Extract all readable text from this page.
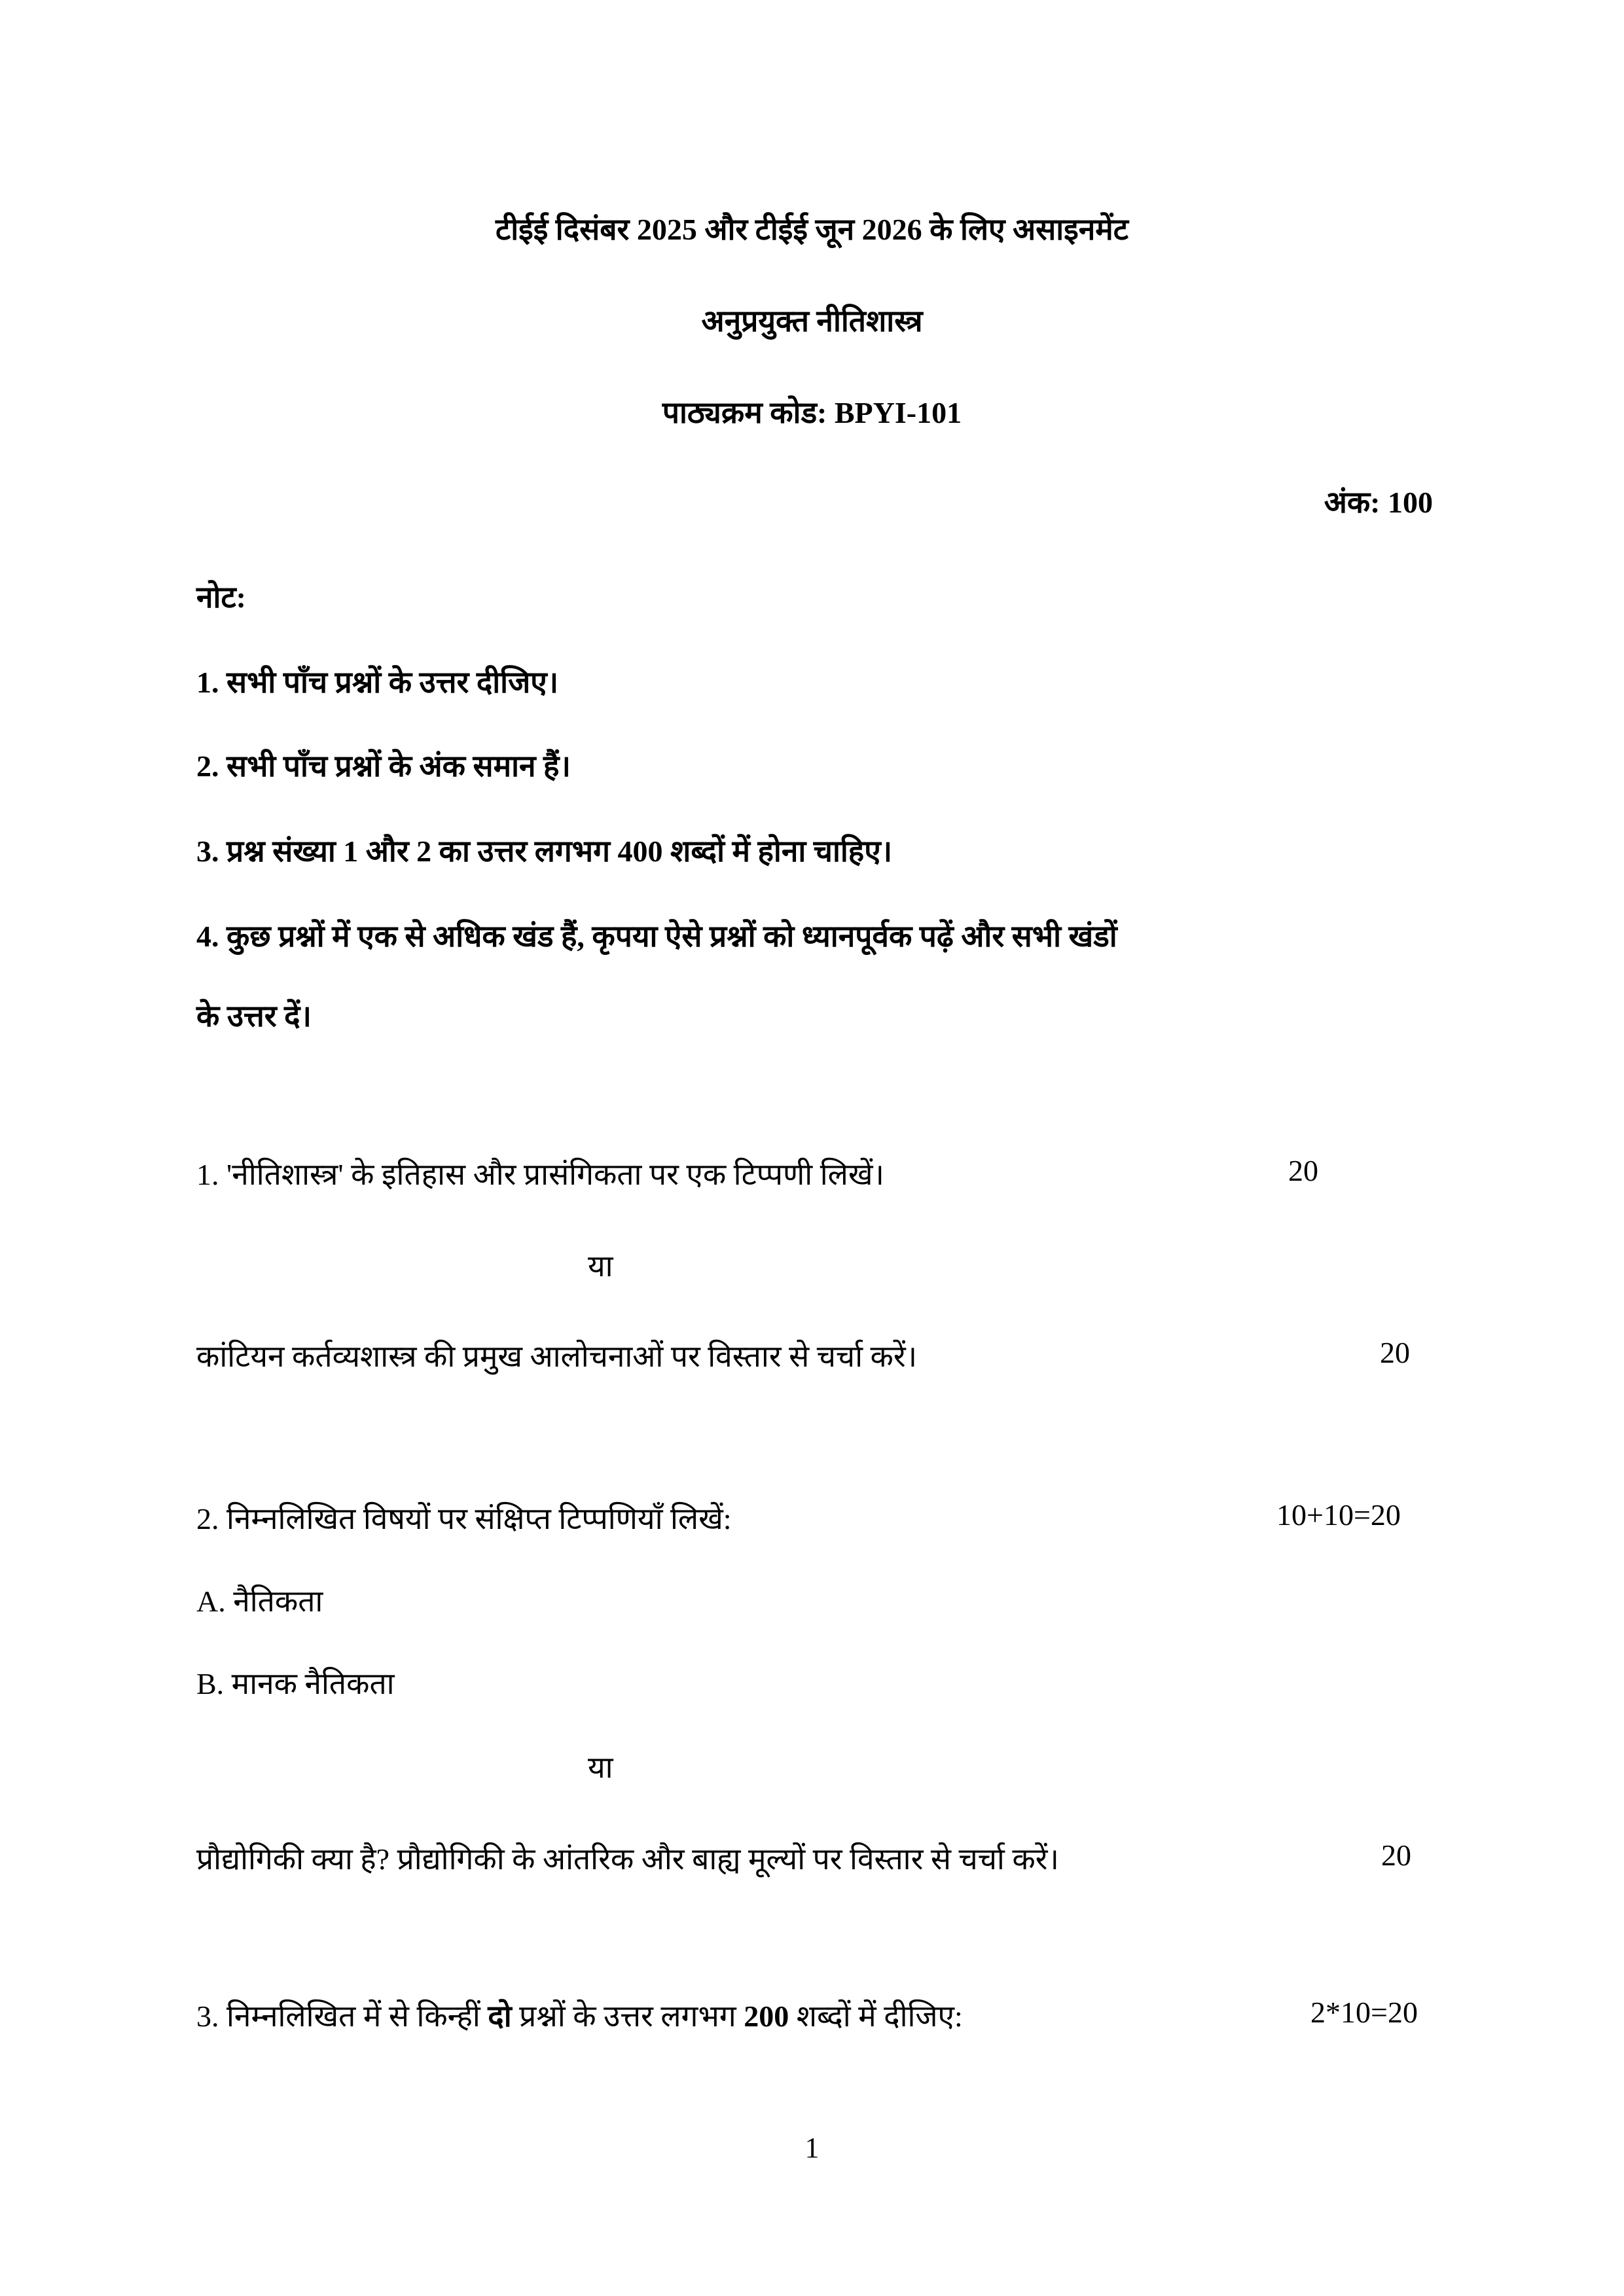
टीईई दिसंबर 2025 और टीईई जून 2026 के लिए असाइनमेंट
अनुप्रयुक्त नीतिशास्त्र
पाठ्यक्रम कोड: BPYI-101
अंक: 100
नोट:
1. सभी पाँच प्रश्नों के उत्तर दीजिए।
2. सभी पाँच प्रश्नों के अंक समान हैं।
3. प्रश्न संख्या 1 और 2 का उत्तर लगभग 400 शब्दों में होना चाहिए।
4. कुछ प्रश्नों में एक से अधिक खंड हैं, कृपया ऐसे प्रश्नों को ध्यानपूर्वक पढ़ें और सभी खंडों
के उत्तर दें।
1. 'नीतिशास्त्र' के इतिहास और प्रासंगिकता पर एक टिप्पणी लिखें।	20
या
कांटियन कर्तव्यशास्त्र की प्रमुख आलोचनाओं पर विस्तार से चर्चा करें।	20
2. निम्नलिखित विषयों पर संक्षिप्त टिप्पणियाँ लिखें:	10+10=20
A. नैतिकता
B. मानक नैतिकता
या
प्रौद्योगिकी क्या है? प्रौद्योगिकी के आंतरिक और बाह्य मूल्यों पर विस्तार से चर्चा करें।	20
3. निम्नलिखित में से किन्हीं दो प्रश्नों के उत्तर लगभग 200 शब्दों में दीजिए:	2*10=20
1
